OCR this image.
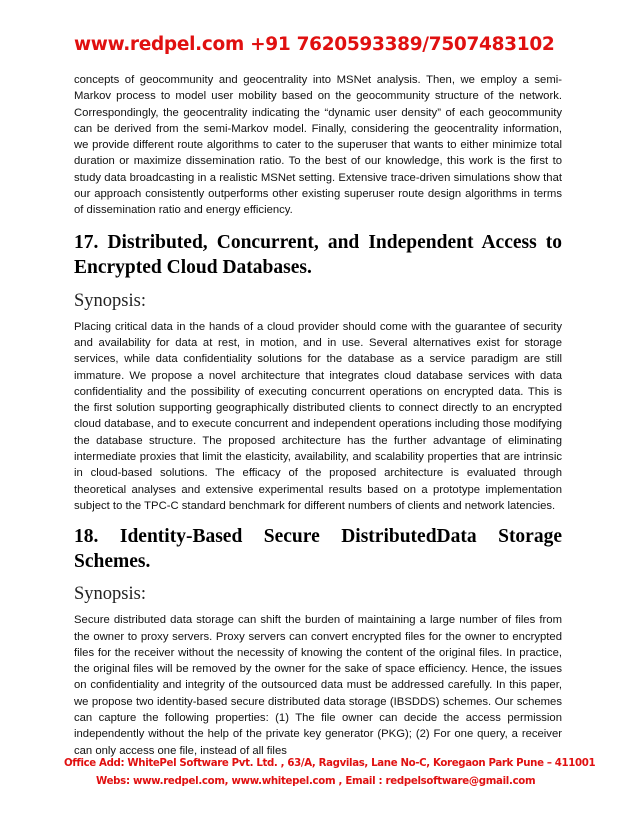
www.redpel.com +91 7620593389/7507483102

concepts of geocommunity and geocentrality into MSNet analysis. Then, we employ a semi-Markov process to model user mobility based on the geocommunity structure of the network. Correspondingly, the geocentrality indicating the “dynamic user density” of each geocommunity can be derived from the semi-Markov model. Finally, considering the geocentrality information, we provide different route algorithms to cater to the superuser that wants to either minimize total duration or maximize dissemination ratio. To the best of our knowledge, this work is the first to study data broadcasting in a realistic MSNet setting. Extensive trace-driven simulations show that our approach consistently outperforms other existing superuser route design algorithms in terms of dissemination ratio and energy efficiency.

17. Distributed, Concurrent, and Independent Access to Encrypted Cloud Databases.
Synopsis:

Placing critical data in the hands of a cloud provider should come with the guarantee of security and availability for data at rest, in motion, and in use. Several alternatives exist for storage services, while data confidentiality solutions for the database as a service paradigm are still immature. We propose a novel architecture that integrates cloud database services with data confidentiality and the possibility of executing concurrent operations on encrypted data. This is the first solution supporting geographically distributed clients to connect directly to an encrypted cloud database, and to execute concurrent and independent operations including those modifying the database structure. The proposed architecture has the further advantage of eliminating intermediate proxies that limit the elasticity, availability, and scalability properties that are intrinsic in cloud-based solutions. The efficacy of the proposed architecture is evaluated through theoretical analyses and extensive experimental results based on a prototype implementation subject to the TPC-C standard benchmark for different numbers of clients and network latencies.

18. Identity-Based Secure DistributedData Storage Schemes.
Synopsis:

Secure distributed data storage can shift the burden of maintaining a large number of files from the owner to proxy servers. Proxy servers can convert encrypted files for the owner to encrypted files for the receiver without the necessity of knowing the content of the original files. In practice, the original files will be removed by the owner for the sake of space efficiency. Hence, the issues on confidentiality and integrity of the outsourced data must be addressed carefully. In this paper, we propose two identity-based secure distributed data storage (IBSDDS) schemes. Our schemes can capture the following properties: (1) The file owner can decide the access permission independently without the help of the private key generator (PKG); (2) For one query, a receiver can only access one file, instead of all files

Office Add: WhitePel Software Pvt. Ltd. , 63/A, Ragvilas, Lane No-C, Koregaon Park Pune – 411001
Webs: www.redpel.com, www.whitepel.com , Email : redpelsoftware@gmail.com
